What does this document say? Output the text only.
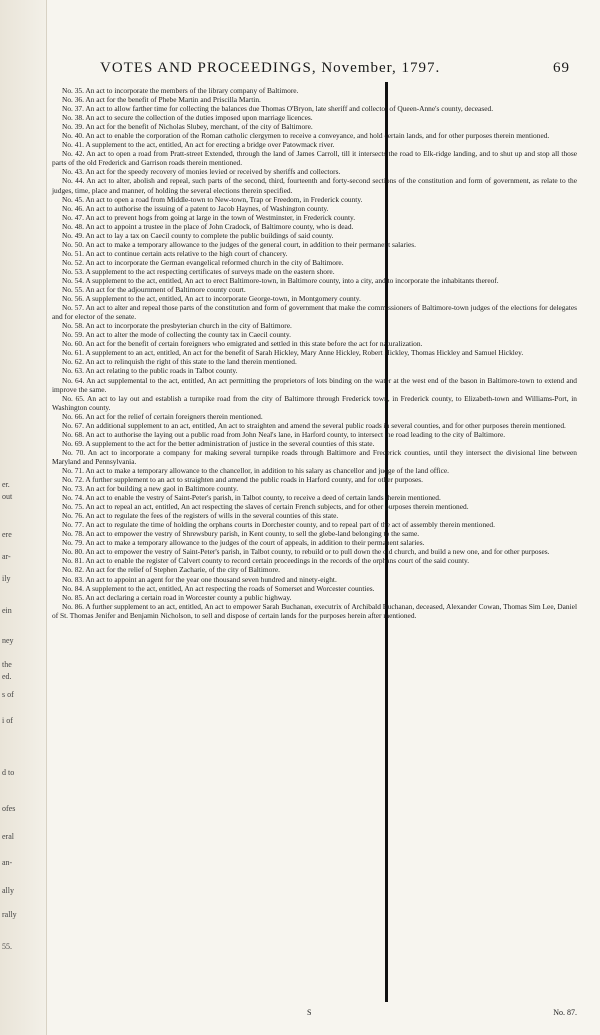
er.
out
ere
ar-
ily
ein
ney
the
ed.
s of
i of
d to
ofes
eral
an-
ally
rally
55.
VOTES AND PROCEEDINGS, November, 1797.	69

No. 35. An act to incorporate the members of the library company of Baltimore.

No. 36. An act for the benefit of Phebe Martin and Priscilla Martin.

No. 37. An act to allow farther time for collecting the balances due Thomas O'Bryon, late sheriff and collector of Queen-Anne's county, deceased.

No. 38. An act to secure the collection of the duties imposed upon marriage licences.

No. 39. An act for the benefit of Nicholas Slubey, merchant, of the city of Baltimore.

No. 40. An act to enable the corporation of the Roman catholic clergymen to receive a conveyance, and hold certain lands, and for other purposes therein mentioned.

No. 41. A supplement to the act, entitled, An act for erecting a bridge over Patowmack river.

No. 42. An act to open a road from Pratt-street Extended, through the land of James Carroll, till it intersects the road to Elk-ridge landing, and to shut up and stop all those parts of the old Frederick and Garrison roads therein mentioned.

No. 43. An act for the speedy recovery of monies levied or received by sheriffs and collectors.

No. 44. An act to alter, abolish and repeal, such parts of the second, third, fourteenth and forty-second sections of the constitution and form of government, as relate to the judges, time, place and manner, of holding the several elections therein specified.

No. 45. An act to open a road from Middle-town to New-town, Trap or Freedom, in Frederick county.

No. 46. An act to authorise the issuing of a patent to Jacob Haynes, of Washington county.

No. 47. An act to prevent hogs from going at large in the town of Westminster, in Frederick county.

No. 48. An act to appoint a trustee in the place of John Cradock, of Baltimore county, who is dead.

No. 49. An act to lay a tax on Caecil county to complete the public buildings of said county.

No. 50. An act to make a temporary allowance to the judges of the general court, in addition to their permanent salaries.

No. 51. An act to continue certain acts relative to the high court of chancery.

No. 52. An act to incorporate the German evangelical reformed church in the city of Baltimore.

No. 53. A supplement to the act respecting certificates of surveys made on the eastern shore.

No. 54. A supplement to the act, entitled, An act to erect Baltimore-town, in Baltimore county, into a city, and to incorporate the inhabitants thereof.

No. 55. An act for the adjournment of Baltimore county court.

No. 56. A supplement to the act, entitled, An act to incorporate George-town, in Montgomery county.

No. 57. An act to alter and repeal those parts of the constitution and form of government that make the commissioners of Baltimore-town judges of the elections for delegates and for elector of the senate.

No. 58. An act to incorporate the presbyterian church in the city of Baltimore.

No. 59. An act to alter the mode of collecting the county tax in Caecil county.

No. 60. An act for the benefit of certain foreigners who emigrated and settled in this state before the act for naturalization.

No. 61. A supplement to an act, entitled, An act for the benefit of Sarah Hickley, Mary Anne Hickley, Robert Hickley, Thomas Hickley and Samuel Hickley.

No. 62. An act to relinquish the right of this state to the land therein mentioned.

No. 63. An act relating to the public roads in Talbot county.

No. 64. An act supplemental to the act, entitled, An act permitting the proprietors of lots binding on the water at the west end of the bason in Baltimore-town to extend and improve the same.

No. 65. An act to lay out and establish a turnpike road from the city of Baltimore through Frederick town, in Frederick county, to Elizabeth-town and Williams-Port, in Washington county.

No. 66. An act for the relief of certain foreigners therein mentioned.

No. 67. An additional supplement to an act, entitled, An act to straighten and amend the several public roads in several counties, and for other purposes therein mentioned.

No. 68. An act to authorise the laying out a public road from John Neal's lane, in Harford county, to intersect the road leading to the city of Baltimore.

No. 69. A supplement to the act for the better administration of justice in the several counties of this state.

No. 70. An act to incorporate a company for making several turnpike roads through Baltimore and Frederick counties, until they intersect the divisional line between Maryland and Pennsylvania.

No. 71. An act to make a temporary allowance to the chancellor, in addition to his salary as chancellor and judge of the land office.

No. 72. A further supplement to an act to straighten and amend the public roads in Harford county, and for other purposes.

No. 73. An act for building a new gaol in Baltimore county.

No. 74. An act to enable the vestry of Saint-Peter's parish, in Talbot county, to receive a deed of certain lands therein mentioned.

No. 75. An act to repeal an act, entitled, An act respecting the slaves of certain French subjects, and for other purposes therein mentioned.

No. 76. An act to regulate the fees of the registers of wills in the several counties of this state.

No. 77. An act to regulate the time of holding the orphans courts in Dorchester county, and to repeal part of the act of assembly therein mentioned.

No. 78. An act to empower the vestry of Shrewsbury parish, in Kent county, to sell the glebe-land belonging to the same.

No. 79. An act to make a temporary allowance to the judges of the court of appeals, in addition to their permanent salaries.

No. 80. An act to empower the vestry of Saint-Peter's parish, in Talbot county, to rebuild or to pull down the old church, and build a new one, and for other purposes.

No. 81. An act to enable the register of Calvert county to record certain proceedings in the records of the orphans court of the said county.

No. 82. An act for the relief of Stephen Zacharie, of the city of Baltimore.

No. 83. An act to appoint an agent for the year one thousand seven hundred and ninety-eight.

No. 84. A supplement to the act, entitled, An act respecting the roads of Somerset and Worcester counties.

No. 85. An act declaring a certain road in Worcester county a public highway.

No. 86. A further supplement to an act, entitled, An act to empower Sarah Buchanan, executrix of Archibald Buchanan, deceased, Alexander Cowan, Thomas Sim Lee, Daniel of St. Thomas Jenifer and Benjamin Nicholson, to sell and dispose of certain lands for the purposes herein after mentioned.

S	No. 87.
